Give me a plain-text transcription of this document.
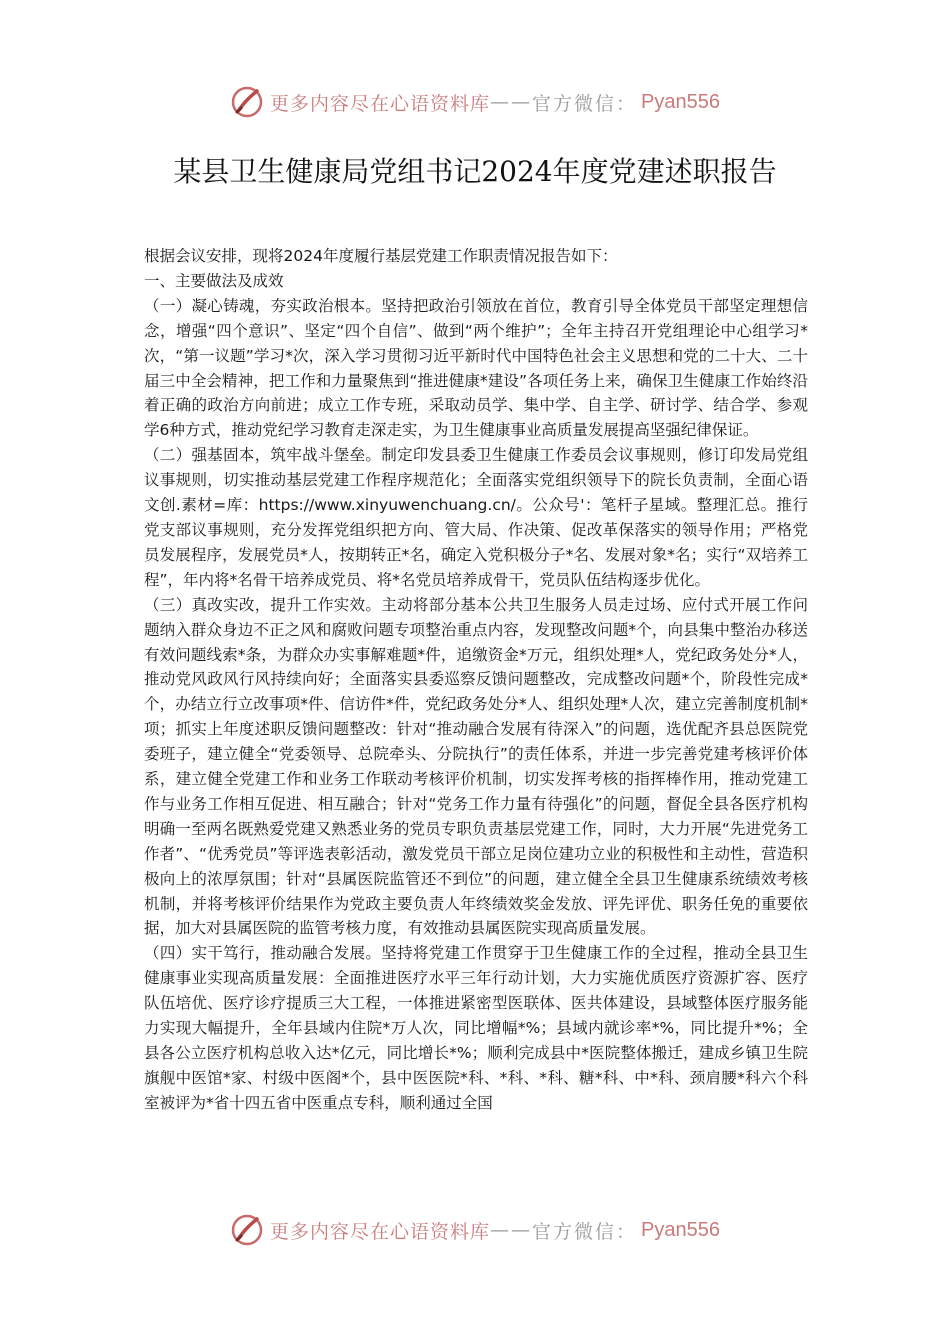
更多内容尽在心语资料库 —— 官方微信： Pyan556
某县卫生健康局党组书记2024年度党建述职报告

根据会议安排，现将2024年度履行基层党建工作职责情况报告如下：

一、主要做法及成效

（一）凝心铸魂，夯实政治根本。坚持把政治引领放在首位，教育引导全体党员干部坚定理想信念，增强“四个意识”、坚定“四个自信”、做到“两个维护”；全年主持召开党组理论中心组学习*次，“第一议题”学习*次，深入学习贯彻习近平新时代中国特色社会主义思想和党的二十大、二十届三中全会精神，把工作和力量聚焦到“推进健康*建设”各项任务上来，确保卫生健康工作始终沿着正确的政治方向前进；成立工作专班，采取动员学、集中学、自主学、研讨学、结合学、参观学6种方式，推动党纪学习教育走深走实，为卫生健康事业高质量发展提高坚强纪律保证。

（二）强基固本，筑牢战斗堡垒。制定印发县委卫生健康工作委员会议事规则，修订印发局党组议事规则，切实推动基层党建工作程序规范化；全面落实党组织领导下的院长负责制，全面心语文创.素材=库：https://www.xinyuwenchuang.cn/。公众号'：笔杆子星域。整理汇总。推行党支部议事规则，充分发挥党组织把方向、管大局、作决策、促改革保落实的领导作用；严格党员发展程序，发展党员*人，按期转正*名，确定入党积极分子*名、发展对象*名；实行“双培养工程”，年内将*名骨干培养成党员、将*名党员培养成骨干，党员队伍结构逐步优化。

（三）真改实改，提升工作实效。主动将部分基本公共卫生服务人员走过场、应付式开展工作问题纳入群众身边不正之风和腐败问题专项整治重点内容，发现整改问题*个，向县集中整治办移送有效问题线索*条，为群众办实事解难题*件，追缴资金*万元，组织处理*人，党纪政务处分*人，推动党风政风行风持续向好；全面落实县委巡察反馈问题整改，完成整改问题*个，阶段性完成*个，办结立行立改事项*件、信访件*件，党纪政务处分*人、组织处理*人次，建立完善制度机制*项；抓实上年度述职反馈问题整改：针对“推动融合发展有待深入”的问题，选优配齐县总医院党委班子，建立健全“党委领导、总院牵头、分院执行”的责任体系，并进一步完善党建考核评价体系，建立健全党建工作和业务工作联动考核评价机制，切实发挥考核的指挥棒作用，推动党建工作与业务工作相互促进、相互融合；针对“党务工作力量有待强化”的问题，督促全县各医疗机构明确一至两名既熟爱党建又熟悉业务的党员专职负责基层党建工作，同时，大力开展“先进党务工作者”、“优秀党员”等评选表彰活动，激发党员干部立足岗位建功立业的积极性和主动性，营造积极向上的浓厚氛围；针对“县属医院监管还不到位”的问题，建立健全全县卫生健康系统绩效考核机制，并将考核评价结果作为党政主要负责人年终绩效奖金发放、评先评优、职务任免的重要依据，加大对县属医院的监管考核力度，有效推动县属医院实现高质量发展。

（四）实干笃行，推动融合发展。坚持将党建工作贯穿于卫生健康工作的全过程，推动全县卫生健康事业实现高质量发展：全面推进医疗水平三年行动计划，大力实施优质医疗资源扩容、医疗队伍培优、医疗诊疗提质三大工程，一体推进紧密型医联体、医共体建设，县域整体医疗服务能力实现大幅提升，全年县域内住院*万人次，同比增幅*%；县域内就诊率*%，同比提升*%；全县各公立医疗机构总收入达*亿元，同比增长*%；顺利完成县中*医院整体搬迁，建成乡镇卫生院旗舰中医馆*家、村级中医阁*个，县中医医院*科、*科、*科、糖*科、中*科、颈肩腰*科六个科室被评为*省十四五省中医重点专科，顺利通过全国

更多内容尽在心语资料库 —— 官方微信： Pyan556
